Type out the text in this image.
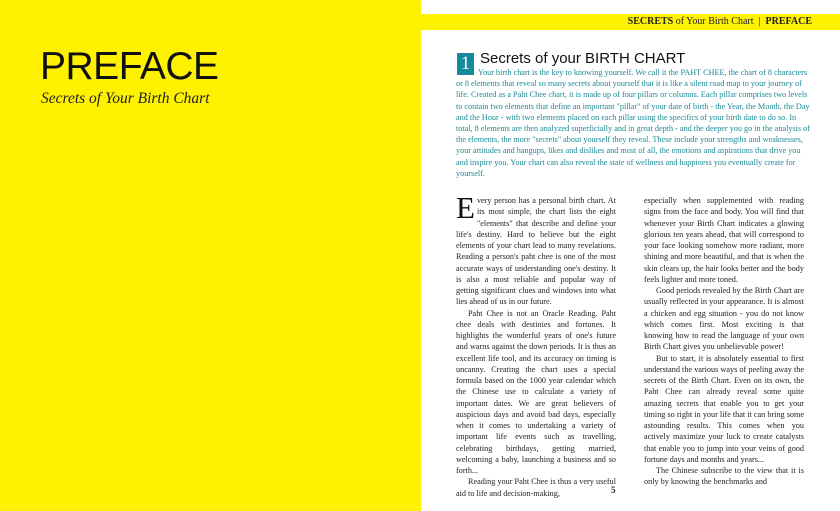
PREFACE
Secrets of Your Birth Chart
SECRETS of Your Birth Chart  |  PREFACE
1 Secrets of your BIRTH CHART
Your birth chart is the key to knowing yourself. We call it the PAHT CHEE, the chart of 8 characters or 8 elements that reveal so many secrets about yourself that it is like a silent road map to your journey of life. Created as a Paht Chee chart, it is made up of four pillars or columns. Each pillar comprises two levels to contain two elements that define an important "pillar" of your date of birth - the Year, the Month, the Day and the Hour - with two elements placed on each pillar using the specifics of your birth date to do so. In total, 8 elements are then analyzed superficially and in great depth - and the deeper you go in the analysis of the elements, the more "secrets" about yourself they reveal. These include your strengths and weaknesses, your attitudes and hangups, likes and dislikes and most of all, the emotions and aspirations that drive you and inspire you. Your chart can also reveal the state of wellness and happiness you eventually create for yourself.

Every person has a personal birth chart. At its most simple, the chart lists the eight "elements" that describe and define your life's destiny. Hard to believe but the eight elements of your chart lead to many revelations. Reading a person's paht chee is one of the most accurate ways of understanding one's destiny. It is also a most reliable and popular way of getting significant clues and windows into what lies ahead of us in our future.

Paht Chee is not an Oracle Reading. Paht chee deals with destinies and fortunes. It highlights the wonderful years of one's future and warns against the down periods. It is thus an excellent life tool, and its accuracy on timing is uncanny. Creating the chart uses a special formula based on the 1000 year calendar which the Chinese use to calculate a variety of important dates. We are great believers of auspicious days and avoid bad days, especially when it comes to undertaking a variety of important life events such as travelling, celebrating birthdays, getting married, welcoming a baby, launching a business and so forth...

Reading your Paht Chee is thus a very useful aid to life and decision-making,

especially when supplemented with reading signs from the face and body. You will find that whenever your Birth Chart indicates a glowing glorious ten years ahead, that will correspond to your face looking somehow more radiant, more shining and more beautiful, and that is when the skin clears up, the hair looks better and the body feels lighter and more toned.

Good periods revealed by the Birth Chart are usually reflected in your appearance. It is almost a chicken and egg situation - you do not know which comes first. Most exciting is that knowing how to read the language of your own Birth Chart gives you unbelievable power!

But to start, it is absolutely essential to first understand the various ways of peeling away the secrets of the Birth Chart. Even on its own, the Paht Chee can already reveal some quite amazing secrets that enable you to get your timing so right in your life that it can bring some astounding results. This comes when you actively maximize your luck to create catalysts that enable you to jump into your veins of good fortune days and months and years...

The Chinese subscribe to the view that it is only by knowing the benchmarks and

5
